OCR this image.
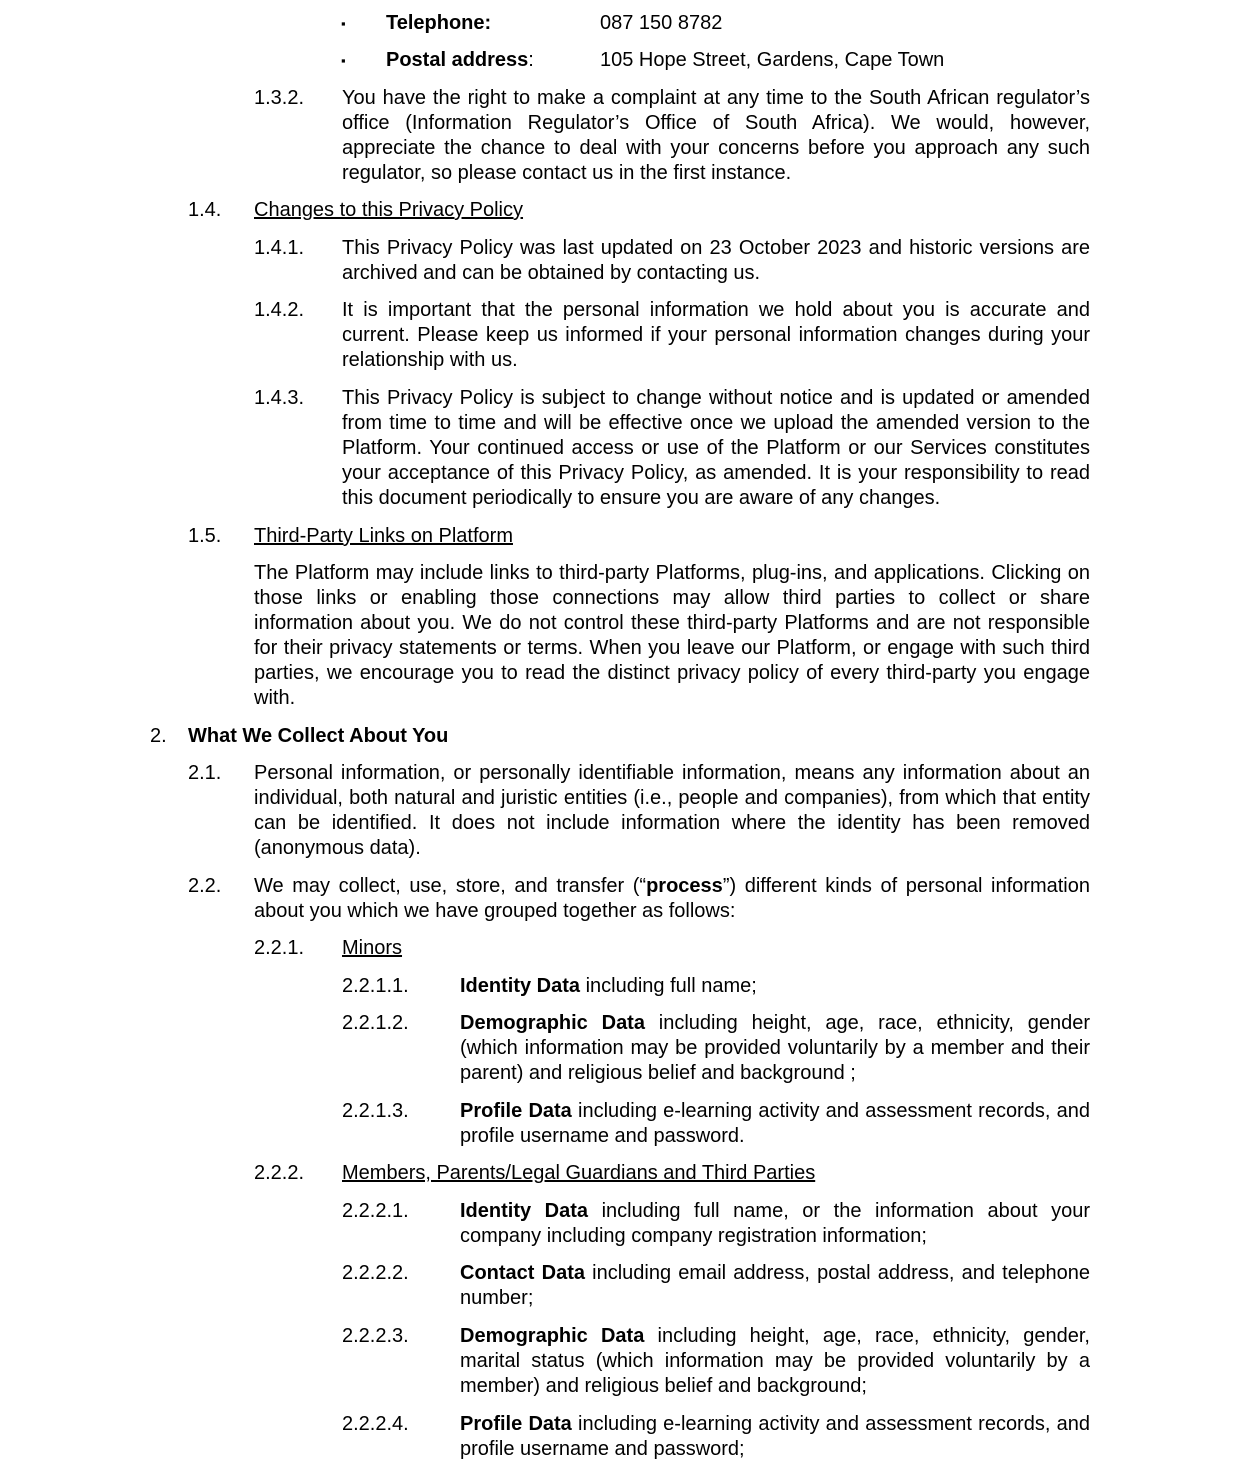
▪ Telephone:	087 150 8782
▪ Postal address:	105 Hope Street, Gardens, Cape Town
1.3.2. You have the right to make a complaint at any time to the South African regulator’s office (Information Regulator’s Office of South Africa). We would, however, appreciate the chance to deal with your concerns before you approach any such regulator, so please contact us in the first instance.
1.4. Changes to this Privacy Policy
1.4.1. This Privacy Policy was last updated on 23 October 2023 and historic versions are archived and can be obtained by contacting us.
1.4.2. It is important that the personal information we hold about you is accurate and current. Please keep us informed if your personal information changes during your relationship with us.
1.4.3. This Privacy Policy is subject to change without notice and is updated or amended from time to time and will be effective once we upload the amended version to the Platform. Your continued access or use of the Platform or our Services constitutes your acceptance of this Privacy Policy, as amended. It is your responsibility to read this document periodically to ensure you are aware of any changes.
1.5. Third-Party Links on Platform
The Platform may include links to third-party Platforms, plug-ins, and applications. Clicking on those links or enabling those connections may allow third parties to collect or share information about you. We do not control these third-party Platforms and are not responsible for their privacy statements or terms. When you leave our Platform, or engage with such third parties, we encourage you to read the distinct privacy policy of every third-party you engage with.
2. What We Collect About You
2.1. Personal information, or personally identifiable information, means any information about an individual, both natural and juristic entities (i.e., people and companies), from which that entity can be identified. It does not include information where the identity has been removed (anonymous data).
2.2. We may collect, use, store, and transfer (“process”) different kinds of personal information about you which we have grouped together as follows:
2.2.1. Minors
2.2.1.1.	Identity Data including full name;
2.2.1.2.	Demographic Data including height, age, race, ethnicity, gender (which information may be provided voluntarily by a member and their parent) and religious belief and background ;
2.2.1.3.	Profile Data including e-learning activity and assessment records, and profile username and password.
2.2.2. Members, Parents/Legal Guardians and Third Parties
2.2.2.1.	Identity Data including full name, or the information about your company including company registration information;
2.2.2.2.	Contact Data including email address, postal address, and telephone number;
2.2.2.3.	Demographic Data including height, age, race, ethnicity, gender, marital status (which information may be provided voluntarily by a member) and religious belief and background;
2.2.2.4.	Profile Data including e-learning activity and assessment records, and profile username and password;
